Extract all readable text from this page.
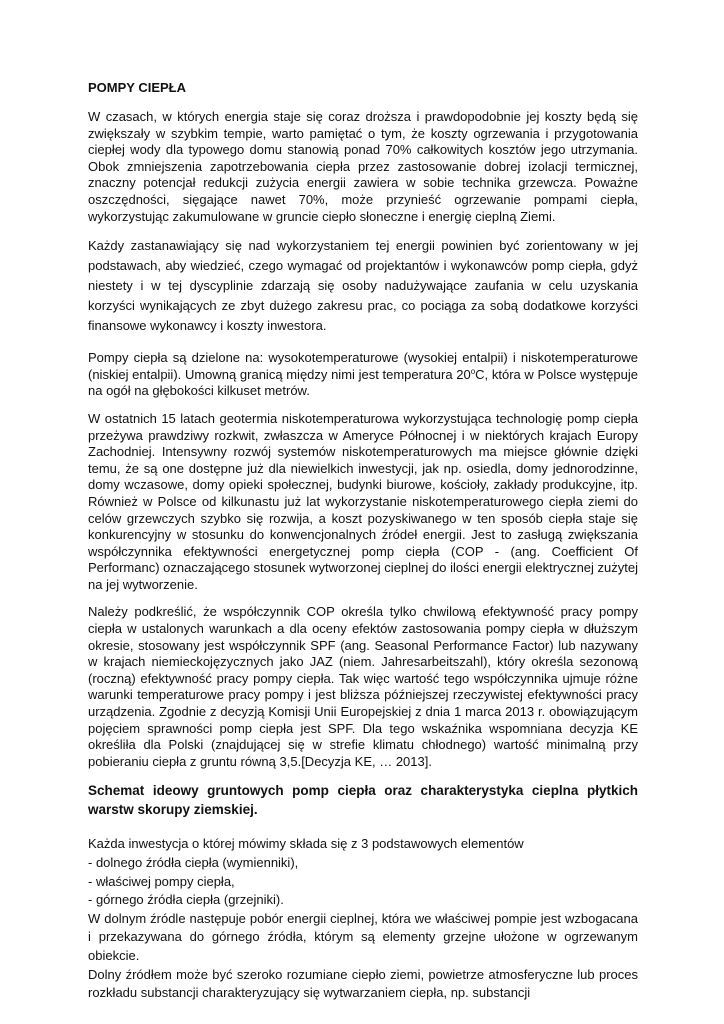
POMPY CIEPŁA

W czasach, w których energia staje się coraz droższa i prawdopodobnie jej koszty będą się zwiększały w szybkim tempie, warto pamiętać o tym, że koszty ogrzewania i przygotowania ciepłej wody dla typowego domu stanowią ponad 70% całkowitych kosztów jego utrzymania. Obok zmniejszenia zapotrzebowania ciepła przez zastosowanie dobrej izolacji termicznej, znaczny potencjał redukcji zużycia energii zawiera w sobie technika grzewcza. Poważne oszczędności, sięgające nawet 70%, może przynieść ogrzewanie pompami ciepła, wykorzystując zakumulowane w gruncie ciepło słoneczne i energię cieplną Ziemi.

Każdy zastanawiający się nad wykorzystaniem tej energii powinien być zorientowany w jej podstawach, aby wiedzieć, czego wymagać od projektantów i wykonawców pomp ciepła, gdyż niestety i w tej dyscyplinie zdarzają się osoby nadużywające zaufania w celu uzyskania korzyści wynikających ze zbyt dużego zakresu prac, co pociąga za sobą dodatkowe korzyści finansowe wykonawcy i koszty inwestora.

Pompy ciepła są dzielone na: wysokotemperaturowe (wysokiej entalpii) i niskotemperaturowe (niskiej entalpii). Umowną granicą między nimi jest temperatura 20$^o$C, która w Polsce występuje na ogół na głębokości kilkuset metrów.

W ostatnich 15 latach geotermia niskotemperaturowa wykorzystująca technologię pomp ciepła przeżywa prawdziwy rozkwit, zwłaszcza w Ameryce Północnej i w niektórych krajach Europy Zachodniej. Intensywny rozwój systemów niskotemperaturowych ma miejsce głównie dzięki temu, że są one dostępne już dla niewielkich inwestycji, jak np. osiedla, domy jednorodzinne, domy wczasowe, domy opieki społecznej, budynki biurowe, kościoły, zakłady produkcyjne, itp. Również w Polsce od kilkunastu już lat wykorzystanie niskotemperaturowego ciepła ziemi do celów grzewczych szybko się rozwija, a koszt pozyskiwanego w ten sposób ciepła staje się konkurencyjny w stosunku do konwencjonalnych źródeł energii. Jest to zasługą zwiększania współczynnika efektywności energetycznej pomp ciepła (COP - (ang. Coefficient Of Performanc) oznaczającego stosunek wytworzonej cieplnej do ilości energii elektrycznej zużytej na jej wytworzenie.

Należy podkreślić, że współczynnik COP określa tylko chwilową efektywność pracy pompy ciepła w ustalonych warunkach a dla oceny efektów zastosowania pompy ciepła w dłuższym okresie, stosowany jest współczynnik SPF (ang. Seasonal Performance Factor) lub nazywany w krajach niemieckojęzycznych jako JAZ (niem. Jahresarbeitszahl), który określa sezonową (roczną) efektywność pracy pompy ciepła. Tak więc wartość tego współczynnika ujmuje różne warunki temperaturowe pracy pompy i jest bliższa późniejszej rzeczywistej efektywności pracy urządzenia. Zgodnie z decyzją Komisji Unii Europejskiej z dnia 1 marca 2013 r. obowiązującym pojęciem sprawności pomp ciepła jest SPF. Dla tego wskaźnika wspomniana decyzja KE określiła dla Polski (znajdującej się w strefie klimatu chłodnego) wartość minimalną przy pobieraniu ciepła z gruntu równą 3,5.[Decyzja KE, … 2013].

Schemat ideowy gruntowych pomp ciepła oraz charakterystyka cieplna płytkich warstw skorupy ziemskiej.

Każda inwestycja o której mówimy składa się z 3 podstawowych elementów

- dolnego źródła ciepła (wymienniki),
- właściwej pompy ciepła,
- górnego źródła ciepła (grzejniki).

W dolnym źródle następuje pobór energii cieplnej, która we właściwej pompie jest wzbogacana i przekazywana do górnego źródła, którym są elementy grzejne ułożone w ogrzewanym obiekcie.

Dolny źródłem może być szeroko rozumiane ciepło ziemi, powietrze atmosferyczne lub proces rozkładu substancji charakteryzujący się wytwarzaniem ciepła, np. substancji
